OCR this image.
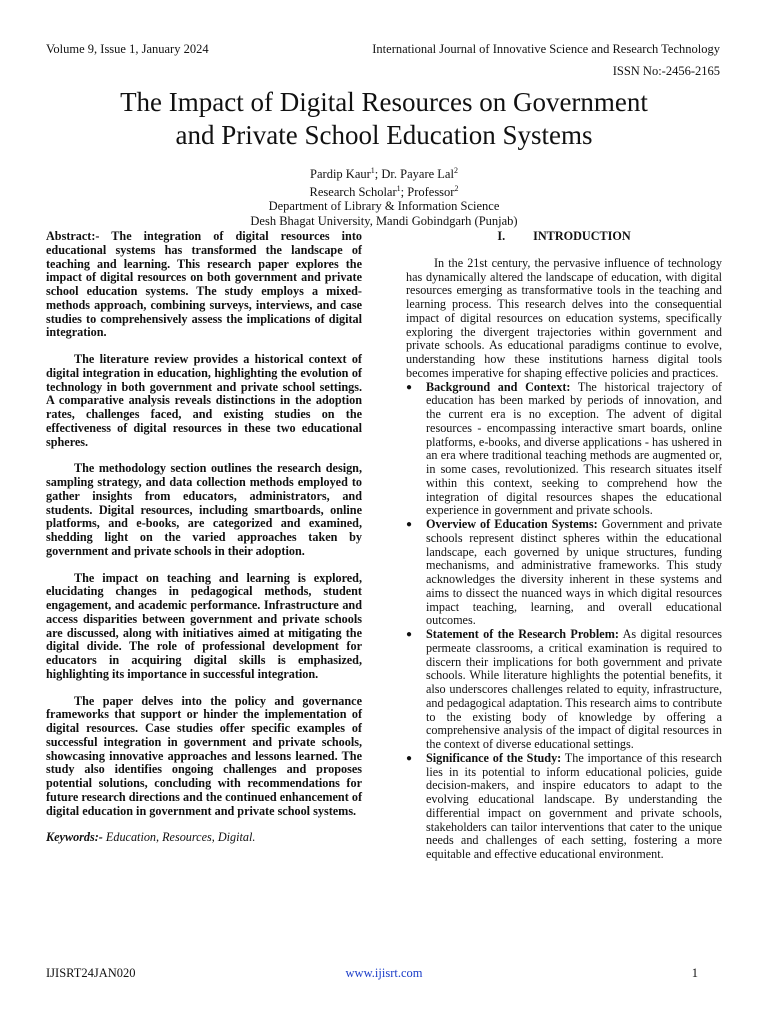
Volume 9, Issue 1, January 2024	International Journal of Innovative Science and Research Technology
ISSN No:-2456-2165
The Impact of Digital Resources on Government
and Private School Education Systems
Pardip Kaur$^1$; Dr. Payare Lal$^2$
Research Scholar$^1$; Professor$^2$
Department of Library & Information Science
Desh Bhagat University, Mandi Gobindgarh (Punjab)

Abstract:- The integration of digital resources into educational systems has transformed the landscape of teaching and learning. This research paper explores the impact of digital resources on both government and private school education systems. The study employs a mixed-methods approach, combining surveys, interviews, and case studies to comprehensively assess the implications of digital integration.

The literature review provides a historical context of digital integration in education, highlighting the evolution of technology in both government and private school settings. A comparative analysis reveals distinctions in the adoption rates, challenges faced, and existing studies on the effectiveness of digital resources in these two educational spheres.

The methodology section outlines the research design, sampling strategy, and data collection methods employed to gather insights from educators, administrators, and students. Digital resources, including smartboards, online platforms, and e-books, are categorized and examined, shedding light on the varied approaches taken by government and private schools in their adoption.

The impact on teaching and learning is explored, elucidating changes in pedagogical methods, student engagement, and academic performance. Infrastructure and access disparities between government and private schools are discussed, along with initiatives aimed at mitigating the digital divide. The role of professional development for educators in acquiring digital skills is emphasized, highlighting its importance in successful integration.

The paper delves into the policy and governance frameworks that support or hinder the implementation of digital resources. Case studies offer specific examples of successful integration in government and private schools, showcasing innovative approaches and lessons learned. The study also identifies ongoing challenges and proposes potential solutions, concluding with recommendations for future research directions and the continued enhancement of digital education in government and private school systems.

Keywords:- Education, Resources, Digital.

I. INTRODUCTION

In the 21st century, the pervasive influence of technology has dynamically altered the landscape of education, with digital resources emerging as transformative tools in the teaching and learning process. This research delves into the consequential impact of digital resources on education systems, specifically exploring the divergent trajectories within government and private schools. As educational paradigms continue to evolve, understanding how these institutions harness digital tools becomes imperative for shaping effective policies and practices.

● Background and Context: The historical trajectory of education has been marked by periods of innovation, and the current era is no exception. The advent of digital resources - encompassing interactive smart boards, online platforms, e-books, and diverse applications - has ushered in an era where traditional teaching methods are augmented or, in some cases, revolutionized. This research situates itself within this context, seeking to comprehend how the integration of digital resources shapes the educational experience in government and private schools.
● Overview of Education Systems: Government and private schools represent distinct spheres within the educational landscape, each governed by unique structures, funding mechanisms, and administrative frameworks. This study acknowledges the diversity inherent in these systems and aims to dissect the nuanced ways in which digital resources impact teaching, learning, and overall educational outcomes.
● Statement of the Research Problem: As digital resources permeate classrooms, a critical examination is required to discern their implications for both government and private schools. While literature highlights the potential benefits, it also underscores challenges related to equity, infrastructure, and pedagogical adaptation. This research aims to contribute to the existing body of knowledge by offering a comprehensive analysis of the impact of digital resources in the context of diverse educational settings.
● Significance of the Study: The importance of this research lies in its potential to inform educational policies, guide decision-makers, and inspire educators to adapt to the evolving educational landscape. By understanding the differential impact on government and private schools, stakeholders can tailor interventions that cater to the unique needs and challenges of each setting, fostering a more equitable and effective educational environment.
IJISRT24JAN020	www.ijisrt.com	1
